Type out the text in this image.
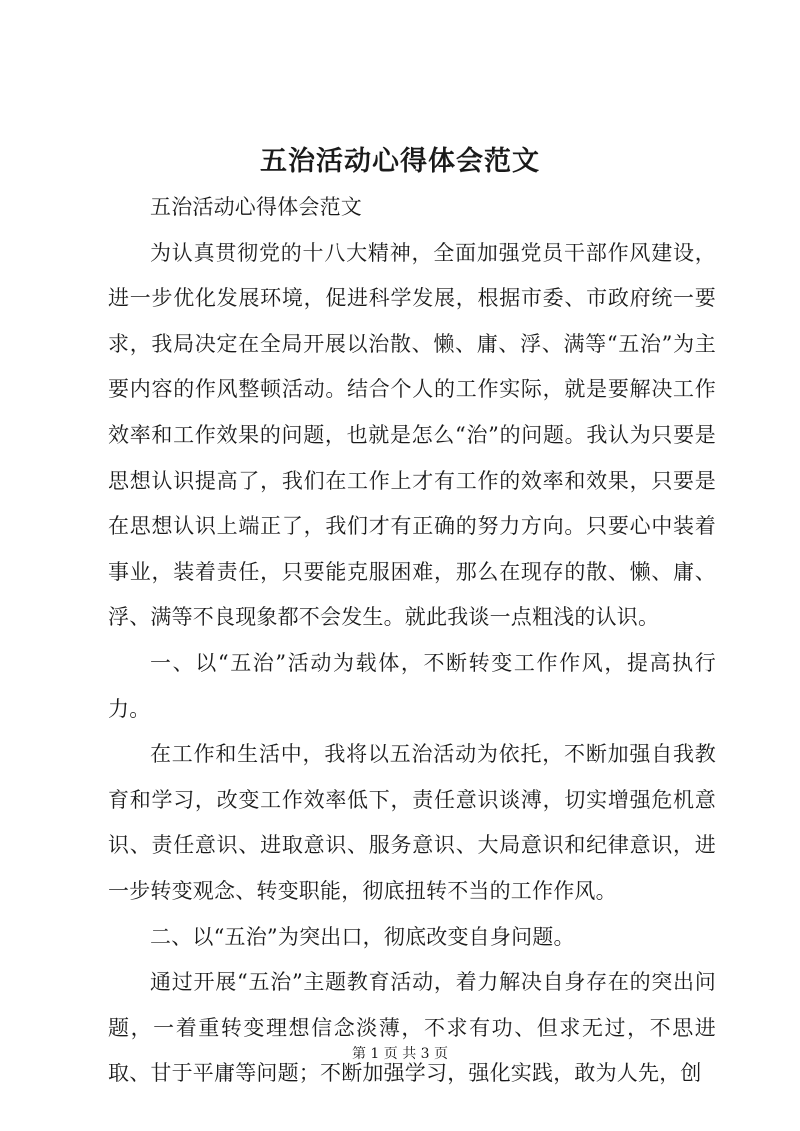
五治活动心得体会范文

五治活动心得体会范文

为认真贯彻党的十八大精神，全面加强党员干部作风建设，进一步优化发展环境，促进科学发展，根据市委、市政府统一要求，我局决定在全局开展以治散、懒、庸、浮、满等“五治”为主要内容的作风整顿活动。结合个人的工作实际，就是要解决工作效率和工作效果的问题，也就是怎么“治”的问题。我认为只要是思想认识提高了，我们在工作上才有工作的效率和效果，只要是在思想认识上端正了，我们才有正确的努力方向。只要心中装着事业，装着责任，只要能克服困难，那么在现存的散、懒、庸、浮、满等不良现象都不会发生。就此我谈一点粗浅的认识。

一、以“五治”活动为载体，不断转变工作作风，提高执行力。

在工作和生活中，我将以五治活动为依托，不断加强自我教育和学习，改变工作效率低下，责任意识谈溥，切实增强危机意识、责任意识、进取意识、服务意识、大局意识和纪律意识，进一步转变观念、转变职能，彻底扭转不当的工作作风。

二、以“五治”为突出口，彻底改变自身问题。

通过开展“五治”主题教育活动，着力解决自身存在的突出问题，一着重转变理想信念淡薄，不求有功、但求无过，不思进取、甘于平庸等问题；不断加强学习，强化实践，敢为人先，创

第 1 页 共 3 页
